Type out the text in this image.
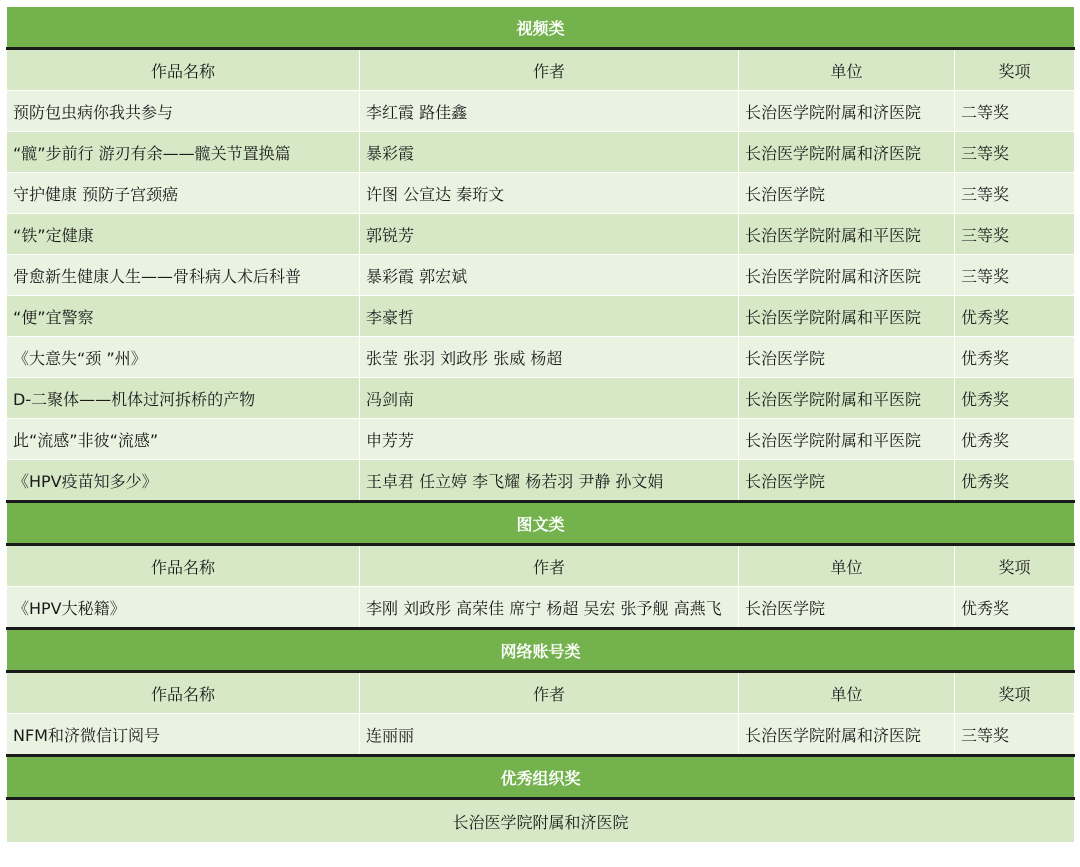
视频类			
作品名称	作者	单位	奖项
预防包虫病你我共参与	李红霞 路佳鑫	长治医学院附属和济医院	二等奖
“髋”步前行 游刃有余——髋关节置换篇	暴彩霞	长治医学院附属和济医院	三等奖
守护健康 预防子宫颈癌	许图 公宣达 秦珩文	长治医学院	三等奖
“铁”定健康	郭锐芳	长治医学院附属和平医院	三等奖
骨愈新生健康人生——骨科病人术后科普	暴彩霞 郭宏斌	长治医学院附属和济医院	三等奖
“便”宜警察	李豪哲	长治医学院附属和平医院	优秀奖
《大意失“颈 ”州》	张莹 张羽 刘政彤 张威 杨超	长治医学院	优秀奖
D-二聚体——机体过河拆桥的产物	冯剑南	长治医学院附属和平医院	优秀奖
此“流感”非彼“流感”	申芳芳	长治医学院附属和平医院	优秀奖
《HPV疫苗知多少》	王卓君 任立婷 李飞耀 杨若羽 尹静 孙文娟	长治医学院	优秀奖
图文类			
作品名称	作者	单位	奖项
《HPV大秘籍》	李刚 刘政彤 高荣佳 席宁 杨超 吴宏 张予舰 高燕飞	长治医学院	优秀奖
网络账号类			
作品名称	作者	单位	奖项
NFM和济微信订阅号	连丽丽	长治医学院附属和济医院	三等奖
优秀组织奖			
长治医学院附属和济医院			
